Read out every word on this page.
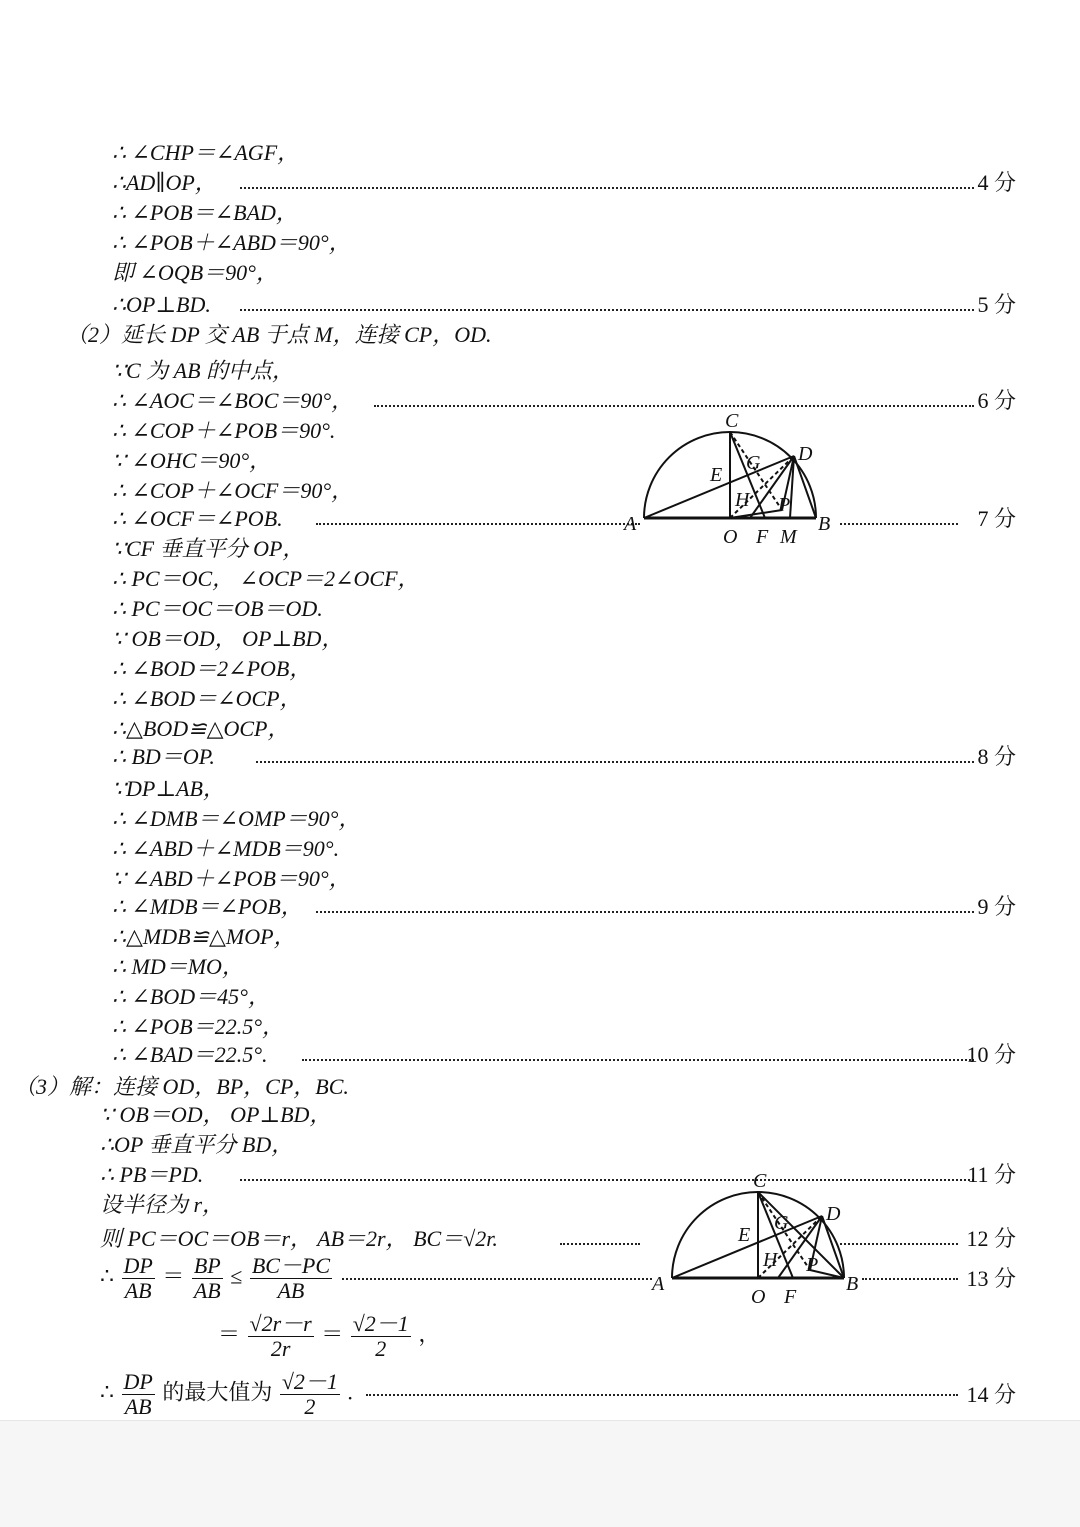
∴ ∠CHP＝∠AGF，
∴AD∥OP，	4 分
∴ ∠POB＝∠BAD，
∴ ∠POB＋∠ABD＝90°，
即 ∠OQB＝90°，
∴OP⊥BD.	5 分
（2）延长 DP 交 AB 于点 M，连接 CP，OD.
∵C 为 AB 的中点，
∴ ∠AOC＝∠BOC＝90°，	6 分
∴ ∠COP＋∠POB＝90°.
∵ ∠OHC＝90°，
∴ ∠COP＋∠OCF＝90°，
∴ ∠OCF＝∠POB.	7 分
∵CF 垂直平分 OP，
∴ PC＝OC， ∠OCP＝2∠OCF，
∴ PC＝OC＝OB＝OD.
∵ OB＝OD， OP⊥BD，
∴ ∠BOD＝2∠POB，
∴ ∠BOD＝∠OCP，
∴△BOD≌△OCP，
∴ BD＝OP.	8 分
∵DP⊥AB，
∴ ∠DMB＝∠OMP＝90°，
∴ ∠ABD＋∠MDB＝90°.
∵ ∠ABD＋∠POB＝90°，
∴ ∠MDB＝∠POB，	9 分
∴△MDB≌△MOP，
∴ MD＝MO，
∴ ∠BOD＝45°，
∴ ∠POB＝22.5°，
∴ ∠BAD＝22.5°.	10 分
（3）解：连接 OD，BP，CP，BC.
∵ OB＝OD， OP⊥BD，
∴OP 垂直平分 BD，
∴ PB＝PD.	11 分
设半径为 r，
则 PC＝OC＝OB＝r， AB＝2r， BC＝√2r.	12 分
∴ $\frac{DP}{AB} = \frac{BP}{AB} \le \frac{BC-PC}{AB}$	13 分
＝ $\frac{√2r-r}{2r} = \frac{√2-1}{2}$ ，
∴ $\frac{DP}{AB}$ 的最大值为 $\frac{√2-1}{2}$ .	14 分
C
D
G
E
H P
A	B
O F M
C
D
G
E
H P
A	B
O F
